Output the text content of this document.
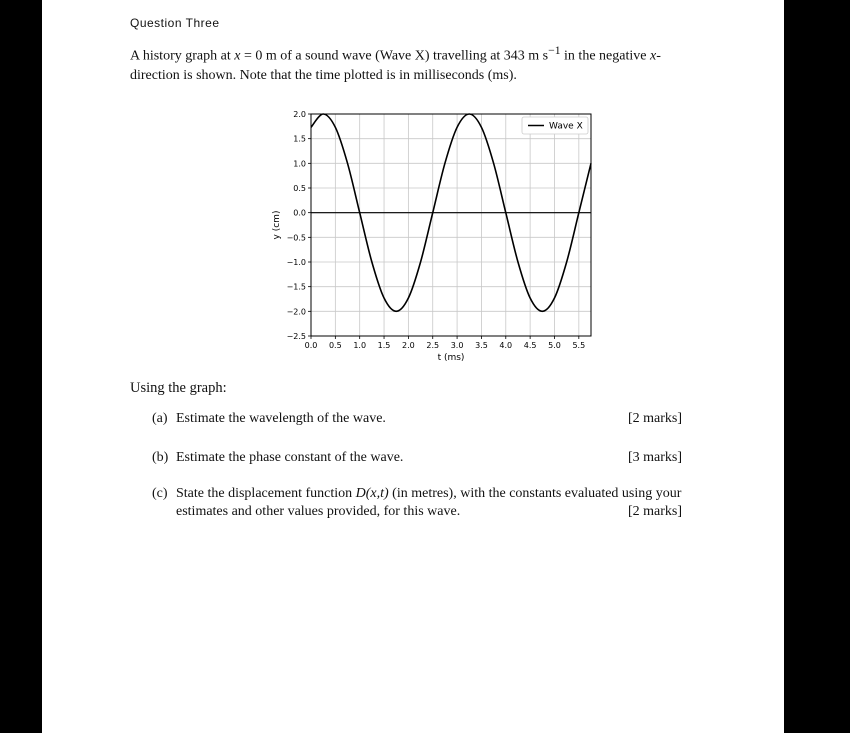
Question Three
A history graph at x = 0 m of a sound wave (Wave X) travelling at 343 m $s^{-1}$ in the negative x-direction is shown. Note that the time plotted is in milliseconds (ms).
0.0 0.5 1.0 1.5 2.0 2.5 3.0 3.5 4.0 4.5 5.0 5.5
2.0
1.5
1.0
0.5
0.0
−0.5
−1.0
−1.5
−2.0
−2.5
t (ms)
y (cm)
Wave X
Using the graph:
(a) Estimate the wavelength of the wave.	[2 marks]
(b) Estimate the phase constant of the wave.	[3 marks]
(c) State the displacement function D(x,t) (in metres), with the constants evaluated using your estimates and other values provided, for this wave.	[2 marks]
